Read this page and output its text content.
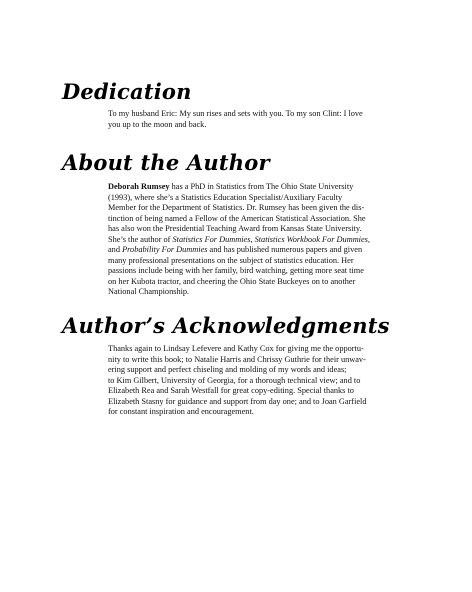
Dedication
To my husband Eric: My sun rises and sets with you. To my son Clint: I love
you up to the moon and back.
About the Author
Deborah Rumsey has a PhD in Statistics from The Ohio State University
(1993), where she’s a Statistics Education Specialist/Auxiliary Faculty
Member for the Department of Statistics. Dr. Rumsey has been given the dis-
tinction of being named a Fellow of the American Statistical Association. She
has also won the Presidential Teaching Award from Kansas State University.
She’s the author of Statistics For Dummies, Statistics Workbook For Dummies,
and Probability For Dummies and has published numerous papers and given
many professional presentations on the subject of statistics education. Her
passions include being with her family, bird watching, getting more seat time
on her Kubota tractor, and cheering the Ohio State Buckeyes on to another
National Championship.
Author’s Acknowledgments
Thanks again to Lindsay Lefevere and Kathy Cox for giving me the opportu-
nity to write this book; to Natalie Harris and Chrissy Guthrie for their unwav-
ering support and perfect chiseling and molding of my words and ideas;
to Kim Gilbert, University of Georgia, for a thorough technical view; and to
Elizabeth Rea and Sarah Westfall for great copy-editing. Special thanks to
Elizabeth Stasny for guidance and support from day one; and to Joan Garfield
for constant inspiration and encouragement.
